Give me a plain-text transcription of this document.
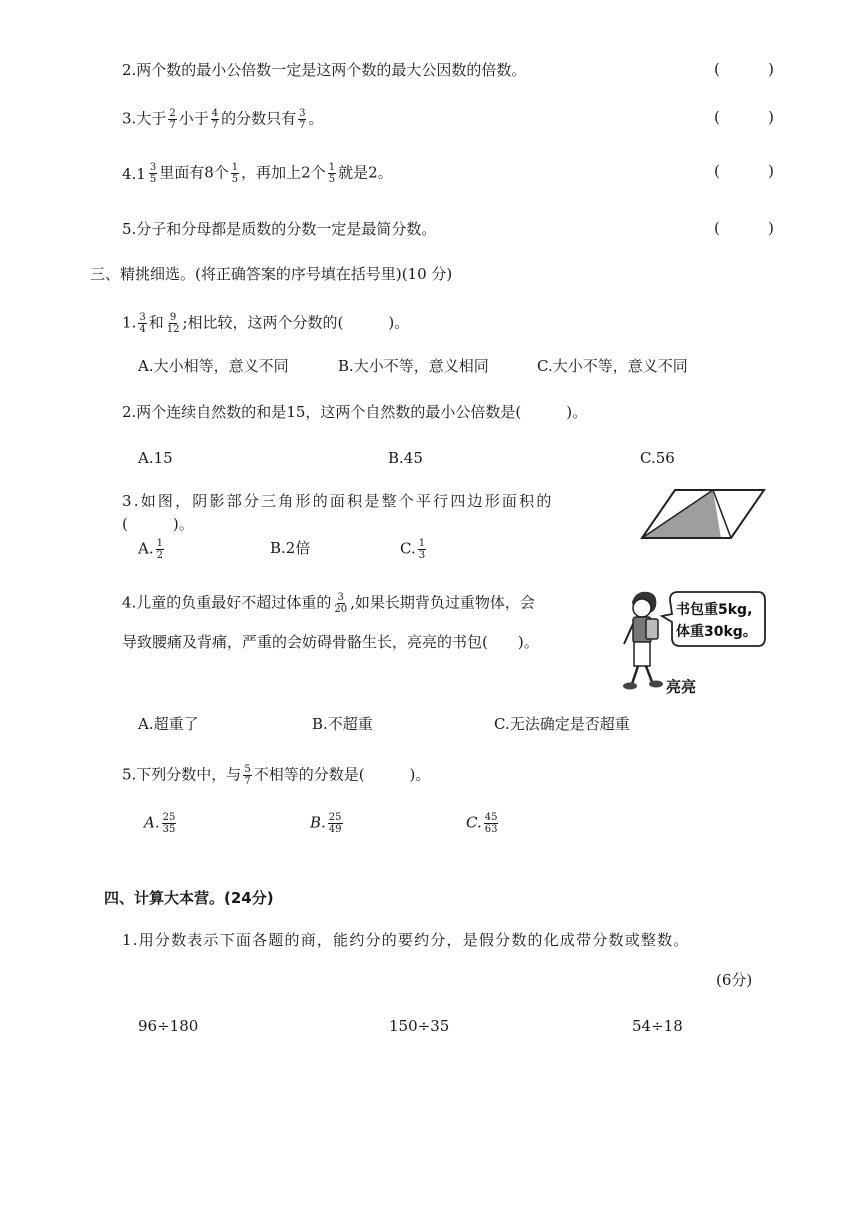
2.两个数的最小公倍数一定是这两个数的最大公因数的倍数。	(	)
3.大于 $\frac{2}{7}$ 小于 $\frac{4}{7}$ 的分数只有 $\frac{3}{7}$ 。	(	)
$4.1 \frac{3}{5}$ 里面有8个 $\frac{1}{5}$ ，再加上2个 $\frac{1}{5}$ 就是2。	(	)
5.分子和分母都是质数的分数一定是最简分数。	(	)
三、精挑细选。(将正确答案的序号填在括号里)(10 分)
1. $\frac{3}{4}$ 和 $\frac{9}{12}$ ;相比较，这两个分数的(　　　)。
A.大小相等，意义不同	B.大小不等，意义相同	C.大小不等，意义不同
2.两个连续自然数的和是15，这两个自然数的最小公倍数是(　　　)。
A.15	B.45	C.56
3.如图，阴影部分三角形的面积是整个平行四边形面积的
(　　　)。
A. $\frac{1}{2}$	B.2倍	C. $\frac{1}{3}$
4.儿童的负重最好不超过体重的 $\frac{3}{20}$ ,如果长期背负过重物体，会
导致腰痛及背痛，严重的会妨碍骨骼生长，亮亮的书包(　　)。
书包重5kg,
体重30kg。
亮亮
A.超重了	B.不超重	C.无法确定是否超重
5.下列分数中，与 $\frac{5}{7}$ 不相等的分数是(　　　)。
A. $\frac{25}{35}$	B. $\frac{25}{49}$	C. $\frac{45}{63}$
四、计算大本营。(24分)
1.用分数表示下面各题的商，能约分的要约分，是假分数的化成带分数或整数。
(6分)
96÷180	150÷35	54÷18
